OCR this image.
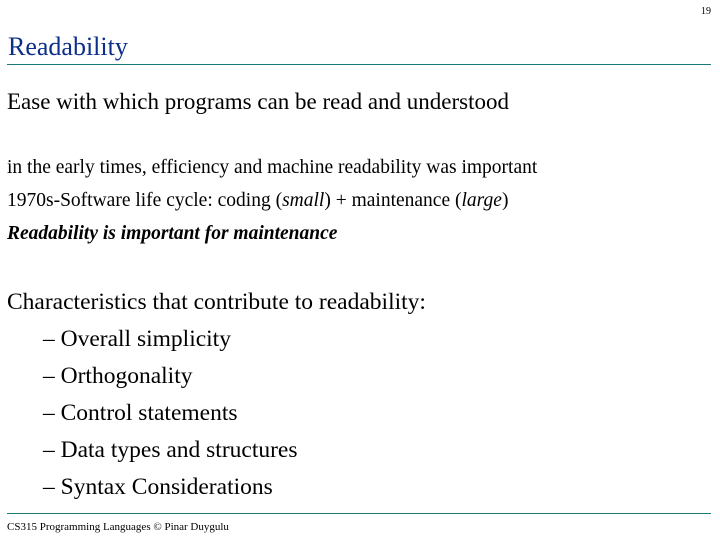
19
Readability
Ease with which programs can be read and understood
in the early times, efficiency and machine readability was important
1970s-Software life cycle: coding (small) + maintenance (large)
Readability is important for maintenance
Characteristics that contribute to readability:
– Overall simplicity
– Orthogonality
– Control statements
– Data types and structures
– Syntax Considerations
CS315 Programming Languages © Pinar Duygulu
